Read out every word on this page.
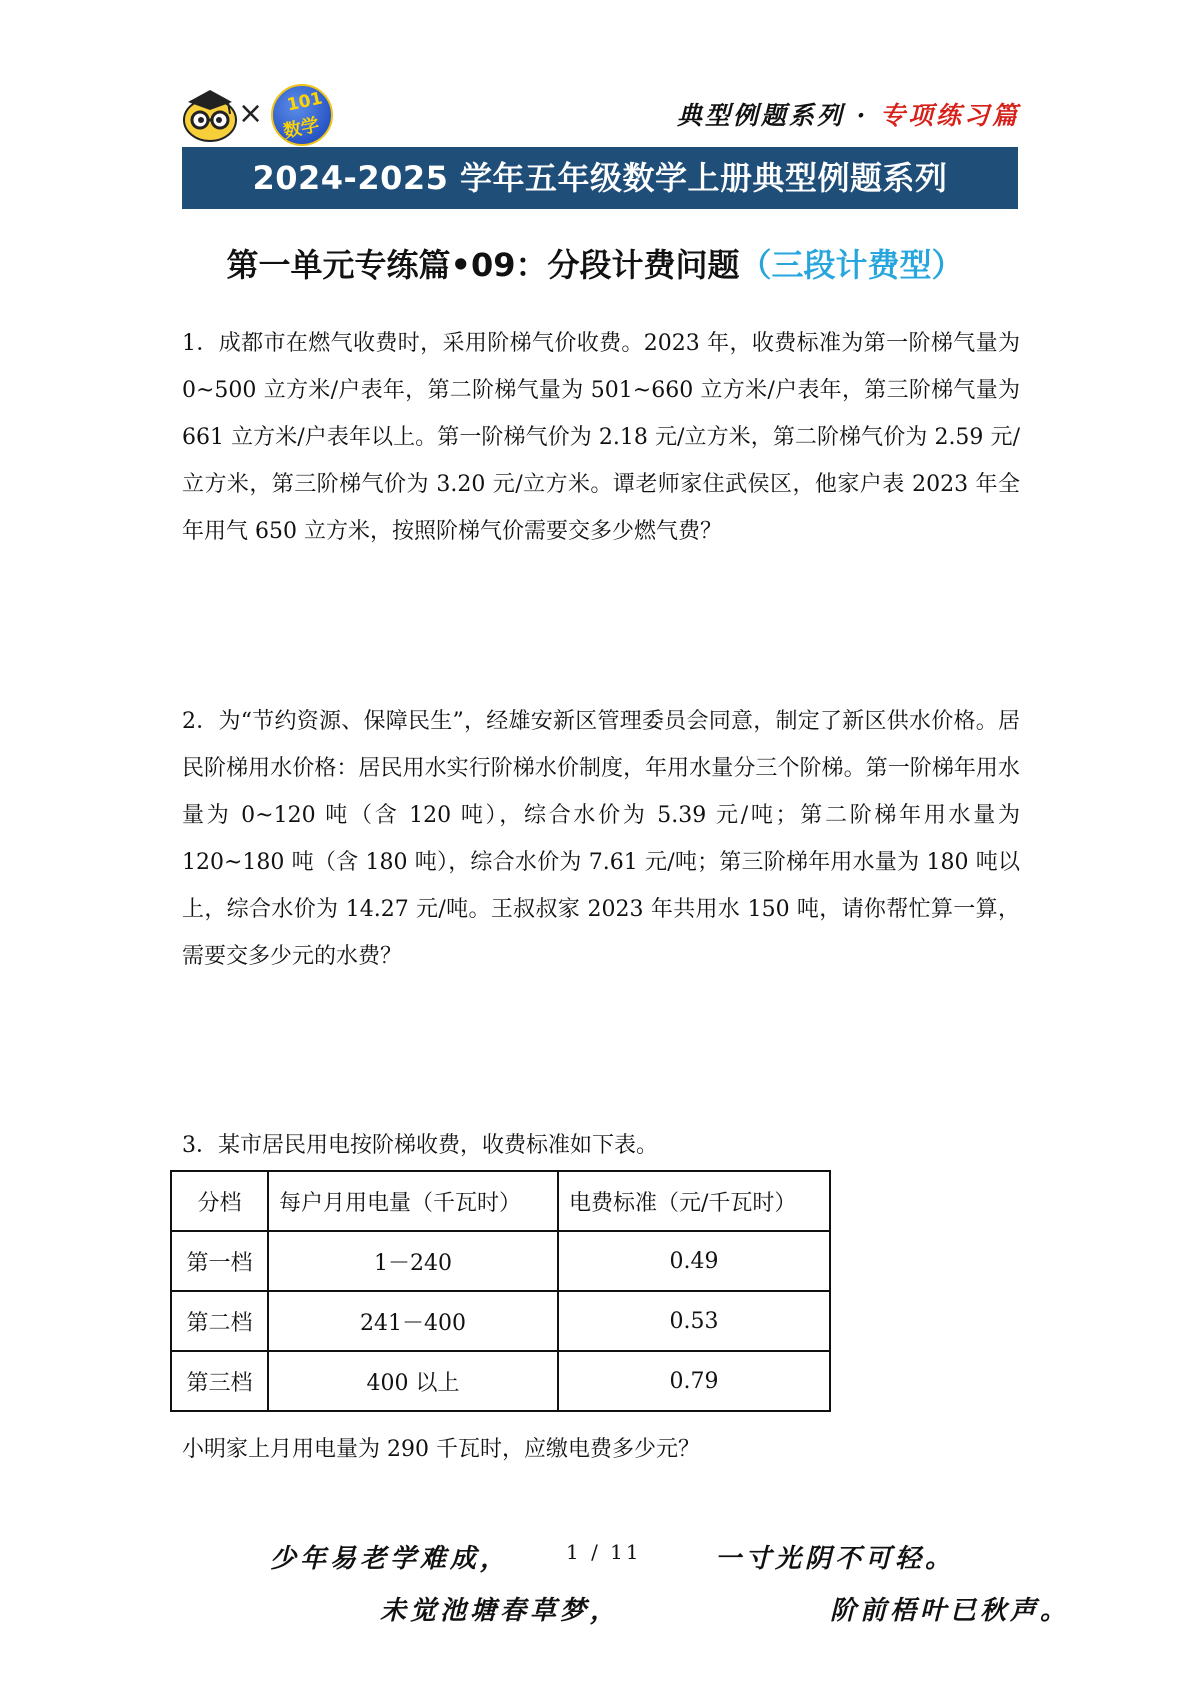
× 101
数学	典型例题系列 · 专项练习篇
2024-2025 学年五年级数学上册典型例题系列
第一单元专练篇•09：分段计费问题（三段计费型）

1．成都市在燃气收费时，采用阶梯气价收费。2023 年，收费标准为第一阶梯气量为 0~500 立方米/户表年，第二阶梯气量为 501~660 立方米/户表年，第三阶梯气量为 661 立方米/户表年以上。第一阶梯气价为 2.18 元/立方米，第二阶梯气价为 2.59 元/立方米，第三阶梯气价为 3.20 元/立方米。谭老师家住武侯区，他家户表 2023 年全年用气 650 立方米，按照阶梯气价需要交多少燃气费？

2．为“节约资源、保障民生”，经雄安新区管理委员会同意，制定了新区供水价格。居民阶梯用水价格：居民用水实行阶梯水价制度，年用水量分三个阶梯。第一阶梯年用水量为 0~120 吨（含 120 吨），综合水价为 5.39 元/吨；第二阶梯年用水量为 120~180 吨（含 180 吨），综合水价为 7.61 元/吨；第三阶梯年用水量为 180 吨以上，综合水价为 14.27 元/吨。王叔叔家 2023 年共用水 150 吨，请你帮忙算一算，需要交多少元的水费？

3．某市居民用电按阶梯收费，收费标准如下表。

分档	每户月用电量（千瓦时）	电费标准（元/千瓦时）
第一档	1－240	0.49
第二档	241－400	0.53
第三档	400 以上	0.79
小明家上月用电量为 290 千瓦时，应缴电费多少元？
少年易老学难成，	1 / 11	一寸光阴不可轻。
未觉池塘春草梦，	阶前梧叶已秋声。
